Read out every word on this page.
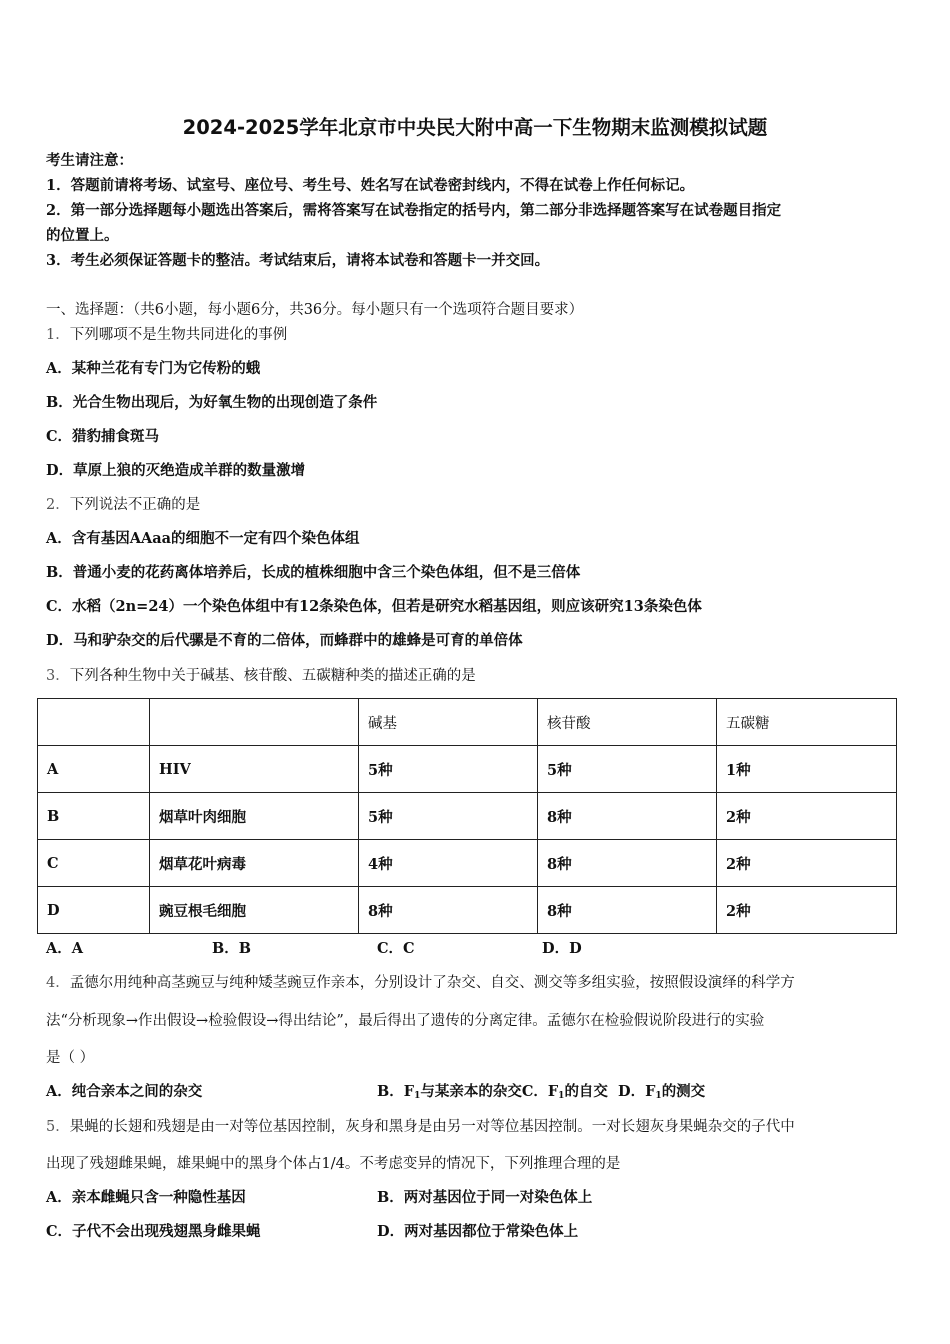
2024-2025学年北京市中央民大附中高一下生物期末监测模拟试题
考生请注意：
1．答题前请将考场、试室号、座位号、考生号、姓名写在试卷密封线内，不得在试卷上作任何标记。
2．第一部分选择题每小题选出答案后，需将答案写在试卷指定的括号内，第二部分非选择题答案写在试卷题目指定
的位置上。
3．考生必须保证答题卡的整洁。考试结束后，请将本试卷和答题卡一并交回。
一、选择题：（共6小题，每小题6分，共36分。每小题只有一个选项符合题目要求）
1．下列哪项不是生物共同进化的事例
A．某种兰花有专门为它传粉的蛾
B．光合生物出现后，为好氧生物的出现创造了条件
C．猎豹捕食斑马
D．草原上狼的灭绝造成羊群的数量激增
2．下列说法不正确的是
A．含有基因AAaa的细胞不一定有四个染色体组
B．普通小麦的花药离体培养后，长成的植株细胞中含三个染色体组，但不是三倍体
C．水稻（2n=24）一个染色体组中有12条染色体，但若是研究水稻基因组，则应该研究13条染色体
D．马和驴杂交的后代骡是不育的二倍体，而蜂群中的雄蜂是可育的单倍体
3．下列各种生物中关于碱基、核苷酸、五碳糖种类的描述正确的是
		碱基	核苷酸	五碳糖
A	HIV	5种	5种	1种
B	烟草叶肉细胞	5种	8种	2种
C	烟草花叶病毒	4种	8种	2种
D	豌豆根毛细胞	8种	8种	2种
A．A	B．B	C．C	D．D
4．孟德尔用纯种高茎豌豆与纯种矮茎豌豆作亲本，分别设计了杂交、自交、测交等多组实验，按照假设演绎的科学方
法“分析现象→作出假设→检验假设→得出结论”，最后得出了遗传的分离定律。孟德尔在检验假说阶段进行的实验
是（ ）
A．纯合亲本之间的杂交	B．$F_1$与某亲本的杂交C．$F_1$的自交 D．$F_1$的测交
5．果蝇的长翅和残翅是由一对等位基因控制，灰身和黑身是由另一对等位基因控制。一对长翅灰身果蝇杂交的子代中
出现了残翅雌果蝇，雄果蝇中的黑身个体占1/4。不考虑变异的情况下，下列推理合理的是
A．亲本雌蝇只含一种隐性基因	B．两对基因位于同一对染色体上
C．子代不会出现残翅黑身雌果蝇	D．两对基因都位于常染色体上
